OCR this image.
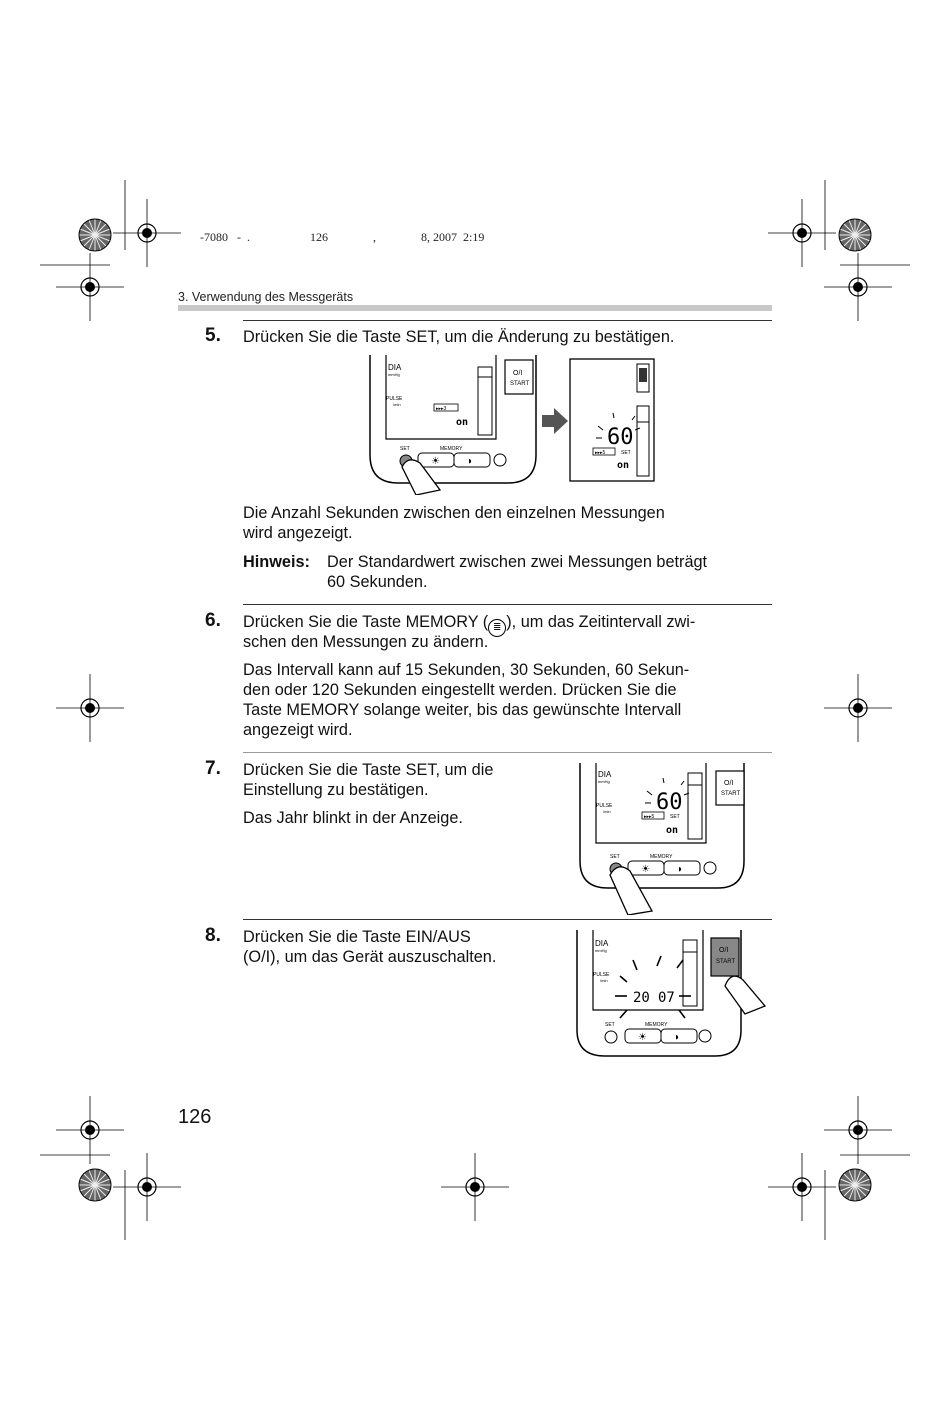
-7080   -  .                    126               ,               8, 2007  2:19
3. Verwendung des Messgeräts
5. Drücken Sie die Taste SET, um die Änderung zu bestätigen.
DIA
mmHg
PULSE
/min
▸▸▸3
on
O/I
START
SET	MEMORY
☀	◗
60
▸▸▸5	SET
on
Die Anzahl Sekunden zwischen den einzelnen Messungen
wird angezeigt.
Hinweis: Der Standardwert zwischen zwei Messungen beträgt
60 Sekunden.
6. Drücken Sie die Taste MEMORY ( ≣ ), um das Zeitintervall zwi-
schen den Messungen zu ändern.
Das Intervall kann auf 15 Sekunden, 30 Sekunden, 60 Sekun-
den oder 120 Sekunden eingestellt werden. Drücken Sie die
Taste MEMORY solange weiter, bis das gewünschte Intervall
angezeigt wird.
7. Drücken Sie die Taste SET, um die
Einstellung zu bestätigen.
Das Jahr blinkt in der Anzeige.
DIA
mmHg
PULSE
/min 60
▸▸▸5	SET
on
O/I
START
SET	MEMORY
☀	◗
8. Drücken Sie die Taste EIN/AUS
(O/I), um das Gerät auszuschalten.
DIA
mmHg
PULSE
/min
20 07
O/I
START
SET	MEMORY
☀	◗
126
